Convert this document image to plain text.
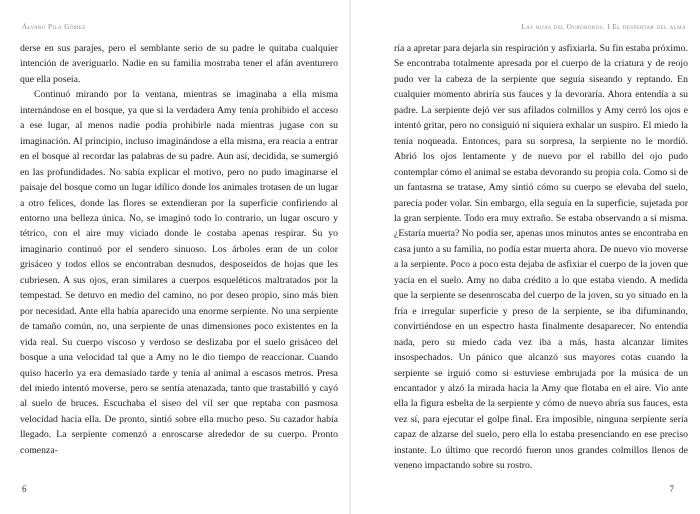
Álvaro Pila Gómez

derse en sus parajes, pero el semblante serio de su padre le quitaba cualquier intención de averiguarlo. Nadie en su familia mostraba tener el afán aventurero que ella poseía.

Continuó mirando por la ventana, mientras se imaginaba a ella misma internándose en el bosque, ya que si la verdadera Amy tenía prohibido el acceso a ese lugar, al menos nadie podía prohibirle nada mientras jugase con su imaginación. Al principio, incluso imaginándose a ella misma, era reacia a entrar en el bosque al recordar las palabras de su padre. Aun así, decidida, se sumergió en las profundidades. No sabía explicar el motivo, pero no pudo imaginarse el paisaje del bosque como un lugar idílico donde los animales trotasen de un lugar a otro felices, donde las flores se extendieran por la superficie confiriendo al entorno una belleza única. No, se imaginó todo lo contrario, un lugar oscuro y tétrico, con el aire muy viciado donde le costaba apenas respirar. Su yo imaginario continuó por el sendero sinuoso. Los árboles eran de un color grisáceo y todos ellos se encontraban desnudos, desposeídos de hojas que les cubriesen. A sus ojos, eran similares a cuerpos esqueléticos maltratados por la tempestad. Se detuvo en medio del camino, no por deseo propio, sino más bien por necesidad. Ante ella había aparecido una enorme serpiente. No una serpiente de tamaño común, no, una serpiente de unas dimensiones poco existentes en la vida real. Su cuerpo viscoso y verdoso se deslizaba por el suelo grisáceo del bosque a una velocidad tal que a Amy no le dio tiempo de reaccionar. Cuando quiso hacerlo ya era demasiado tarde y tenía al animal a escasos metros. Presa del miedo intentó moverse, pero se sentía atenazada, tanto que trastabilló y cayó al suelo de bruces. Escuchaba el siseo del vil ser que reptaba con pasmosa velocidad hacia ella. De pronto, sintió sobre ella mucho peso. Su cazador había llegado. La serpiente comenzó a enroscarse alrededor de su cuerpo. Pronto comenza-

6
Las hijas del Ouroboros. I El despertar del alma

ría a apretar para dejarla sin respiración y asfixiarla. Su fin estaba próximo. Se encontraba totalmente apresada por el cuerpo de la criatura y de reojo pudo ver la cabeza de la serpiente que seguía siseando y reptando. En cualquier momento abriría sus fauces y la devoraría. Ahora entendía a su padre. La serpiente dejó ver sus afilados colmillos y Amy cerró los ojos e intentó gritar, pero no consiguió ni siquiera exhalar un suspiro. El miedo la tenía noqueada. Entonces, para su sorpresa, la serpiente no le mordió. Abrió los ojos lentamente y de nuevo por el rabillo del ojo pudo contemplar cómo el animal se estaba devorando su propia cola. Como si de un fantasma se tratase, Amy sintió cómo su cuerpo se elevaba del suelo, parecía poder volar. Sin embargo, ella seguía en la superficie, sujetada por la gran serpiente. Todo era muy extraño. Se estaba observando a sí misma. ¿Estaría muerta? No podía ser, apenas unos minutos antes se encontraba en casa junto a su familia, no podía estar muerta ahora. De nuevo vio moverse a la serpiente. Poco a poco esta dejaba de asfixiar el cuerpo de la joven que yacía en el suelo. Amy no daba crédito a lo que estaba viendo. A medida que la serpiente se desenroscaba del cuerpo de la joven, su yo situado en la fría e irregular superficie y preso de la serpiente, se iba difuminando, convirtiéndose en un espectro hasta finalmente desaparecer. No entendía nada, pero su miedo cada vez iba a más, hasta alcanzar límites insospechados. Un pánico que alcanzó sus mayores cotas cuando la serpiente se irguió como si estuviese embrujada por la música de un encantador y alzó la mirada hacia la Amy que flotaba en el aire. Vio ante ella la figura esbelta de la serpiente y cómo de nuevo abría sus fauces, esta vez sí, para ejecutar el golpe final. Era imposible, ninguna serpiente sería capaz de alzarse del suelo, pero ella lo estaba presenciando en ese preciso instante. Lo último que recordó fueron unos grandes colmillos llenos de veneno impactando sobre su rostro.

7
